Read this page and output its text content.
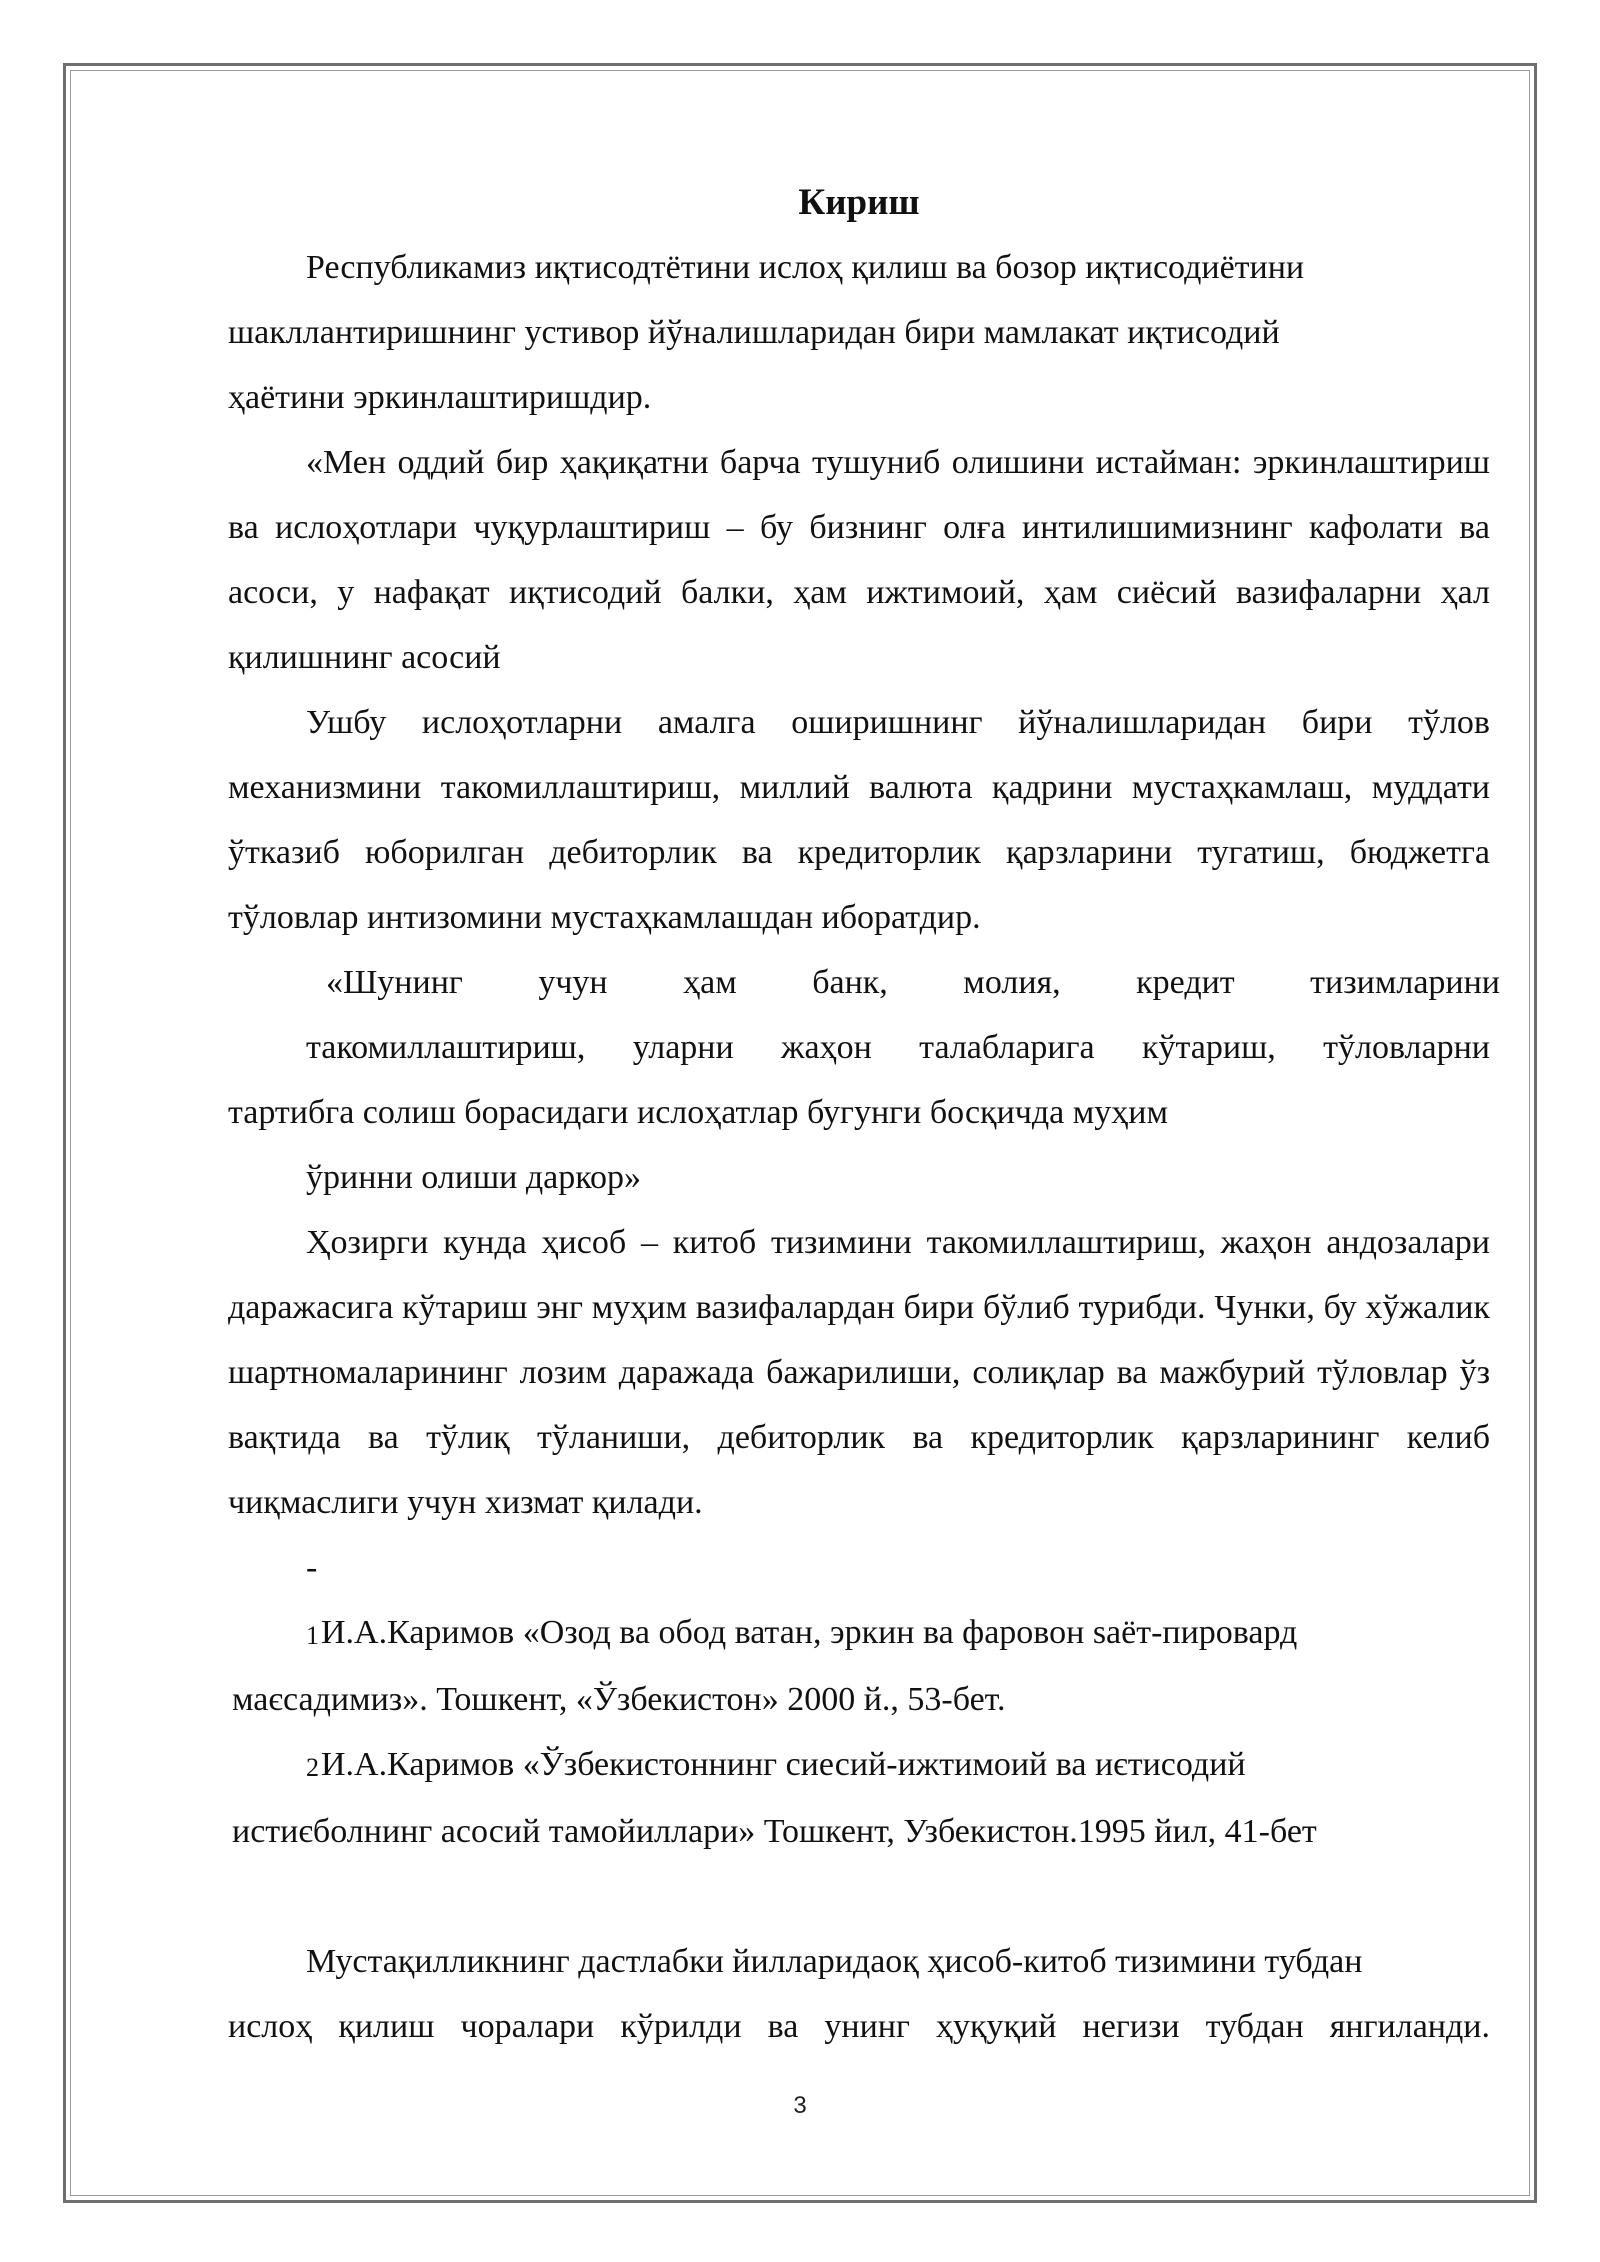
Кириш

Республикамиз иқтисодтётини ислоҳ қилиш ва бозор иқтисодиётини
шакллантиришнинг устивор йўналишларидан бири мамлакат иқтисодий
ҳаётини эркинлаштиришдир.

«Мен оддий бир ҳақиқатни барча тушуниб олишини истайман: эркинлаштириш ва ислоҳотлари чуқурлаштириш – бу бизнинг олға интилишимизнинг кафолати ва асоси, у нафақат иқтисодий балки, ҳам ижтимоий, ҳам сиёсий вазифаларни ҳал қилишнинг асосий

Ушбу ислоҳотларни амалга оширишнинг йўналишларидан бири тўлов механизмини такомиллаштириш, миллий валюта қадрини мустаҳкамлаш, муддати ўтказиб юборилган дебиторлик ва кредиторлик қарзларини тугатиш, бюджетга тўловлар интизомини мустаҳкамлашдан иборатдир.

«Шунинг учун ҳам банк, молия, кредит тизимларини
такомиллаштириш, уларни жаҳон талабларига кўтариш, тўловларни
тартибга солиш борасидаги ислоҳатлар бугунги босқичда муҳим
ўринни олиши даркор»

Ҳозирги кунда ҳисоб – китоб тизимини такомиллаштириш, жаҳон андозалари даражасига кўтариш энг муҳим вазифалардан бири бўлиб турибди. Чунки, бу хўжалик шартномаларининг лозим даражада бажарилиши, солиқлар ва мажбурий тўловлар ўз вақтида ва тўлиқ тўланиши, дебиторлик ва кредиторлик қарзларининг келиб чиқмаслиги учун хизмат қилади.

-
1И.А.Каримов «Озод ва обод ватан, эркин ва фаровон sаёт-пировард
маєсадимиз». Тошкент, «Ўзбекистон» 2000 й., 53-бет.
2И.А.Каримов «Ўзбекистоннинг сиесий-ижтимоий ва иєтисодий
истиєболнинг асосий тамойиллари» Тошкент, Узбекистон.1995 йил, 41-бет

Мустақилликнинг дастлабки йилларидаоқ ҳисоб-китоб тизимини тубдан
ислоҳ қилиш чоралари кўрилди ва унинг ҳуқуқий негизи тубдан янгиланди.

3
